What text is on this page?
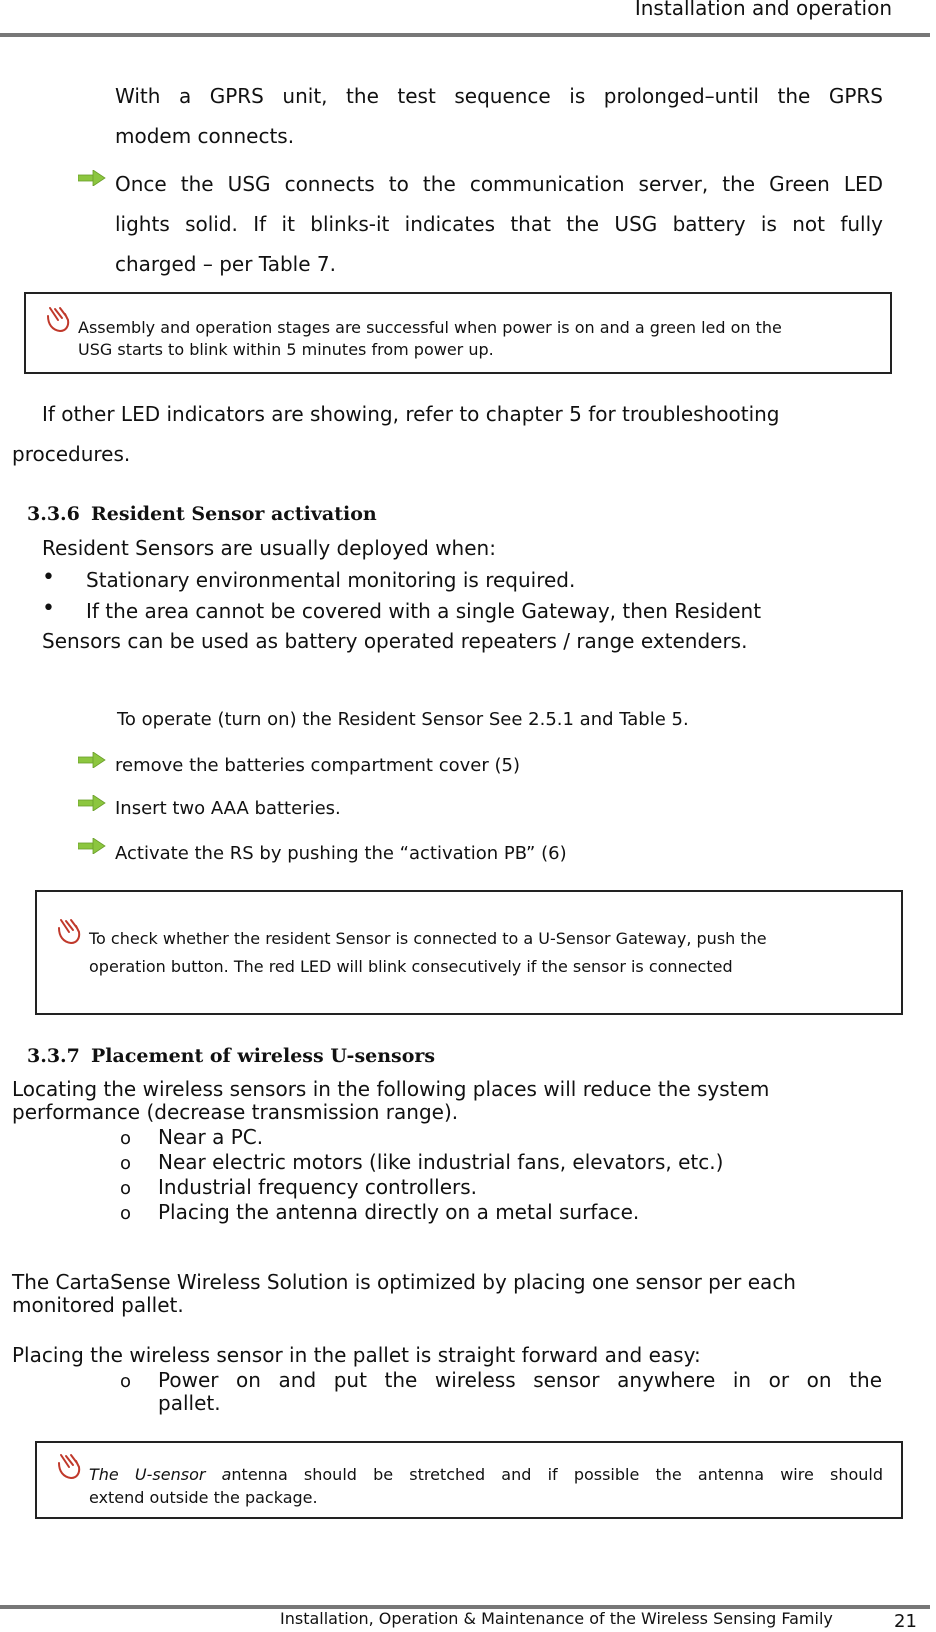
Installation and operation
With a GPRS unit, the test sequence is prolonged–until the GPRS
modem connects.
Once the USG connects to the communication server, the Green LED
lights solid. If it blinks-it indicates that the USG battery is not fully
charged – per Table 7.
Assembly and operation stages are successful when power is on and a green led on the
USG starts to blink within 5 minutes from power up.
If other LED indicators are showing, refer to chapter 5 for troubleshooting
procedures.
3.3.6 Resident Sensor activation
Resident Sensors are usually deployed when:
• Stationary environmental monitoring is required.
• If the area cannot be covered with a single Gateway, then Resident
Sensors can be used as battery operated repeaters / range extenders.
To operate (turn on) the Resident Sensor See 2.5.1 and Table 5.
remove the batteries compartment cover (5)
Insert two AAA batteries.
Activate the RS by pushing the “activation PB” (6)
To check whether the resident Sensor is connected to a U-Sensor Gateway, push the
operation button. The red LED will blink consecutively if the sensor is connected
3.3.7 Placement of wireless U-sensors
Locating the wireless sensors in the following places will reduce the system
performance (decrease transmission range).
o Near a PC.
o Near electric motors (like industrial fans, elevators, etc.)
o Industrial frequency controllers.
o Placing the antenna directly on a metal surface.
The CartaSense Wireless Solution is optimized by placing one sensor per each
monitored pallet.
Placing the wireless sensor in the pallet is straight forward and easy:
o Power on and put the wireless sensor anywhere in or on the
pallet.
The U-sensor antenna should be stretched and if possible the antenna wire should
extend outside the package.
Installation, Operation & Maintenance of the Wireless Sensing Family	21
